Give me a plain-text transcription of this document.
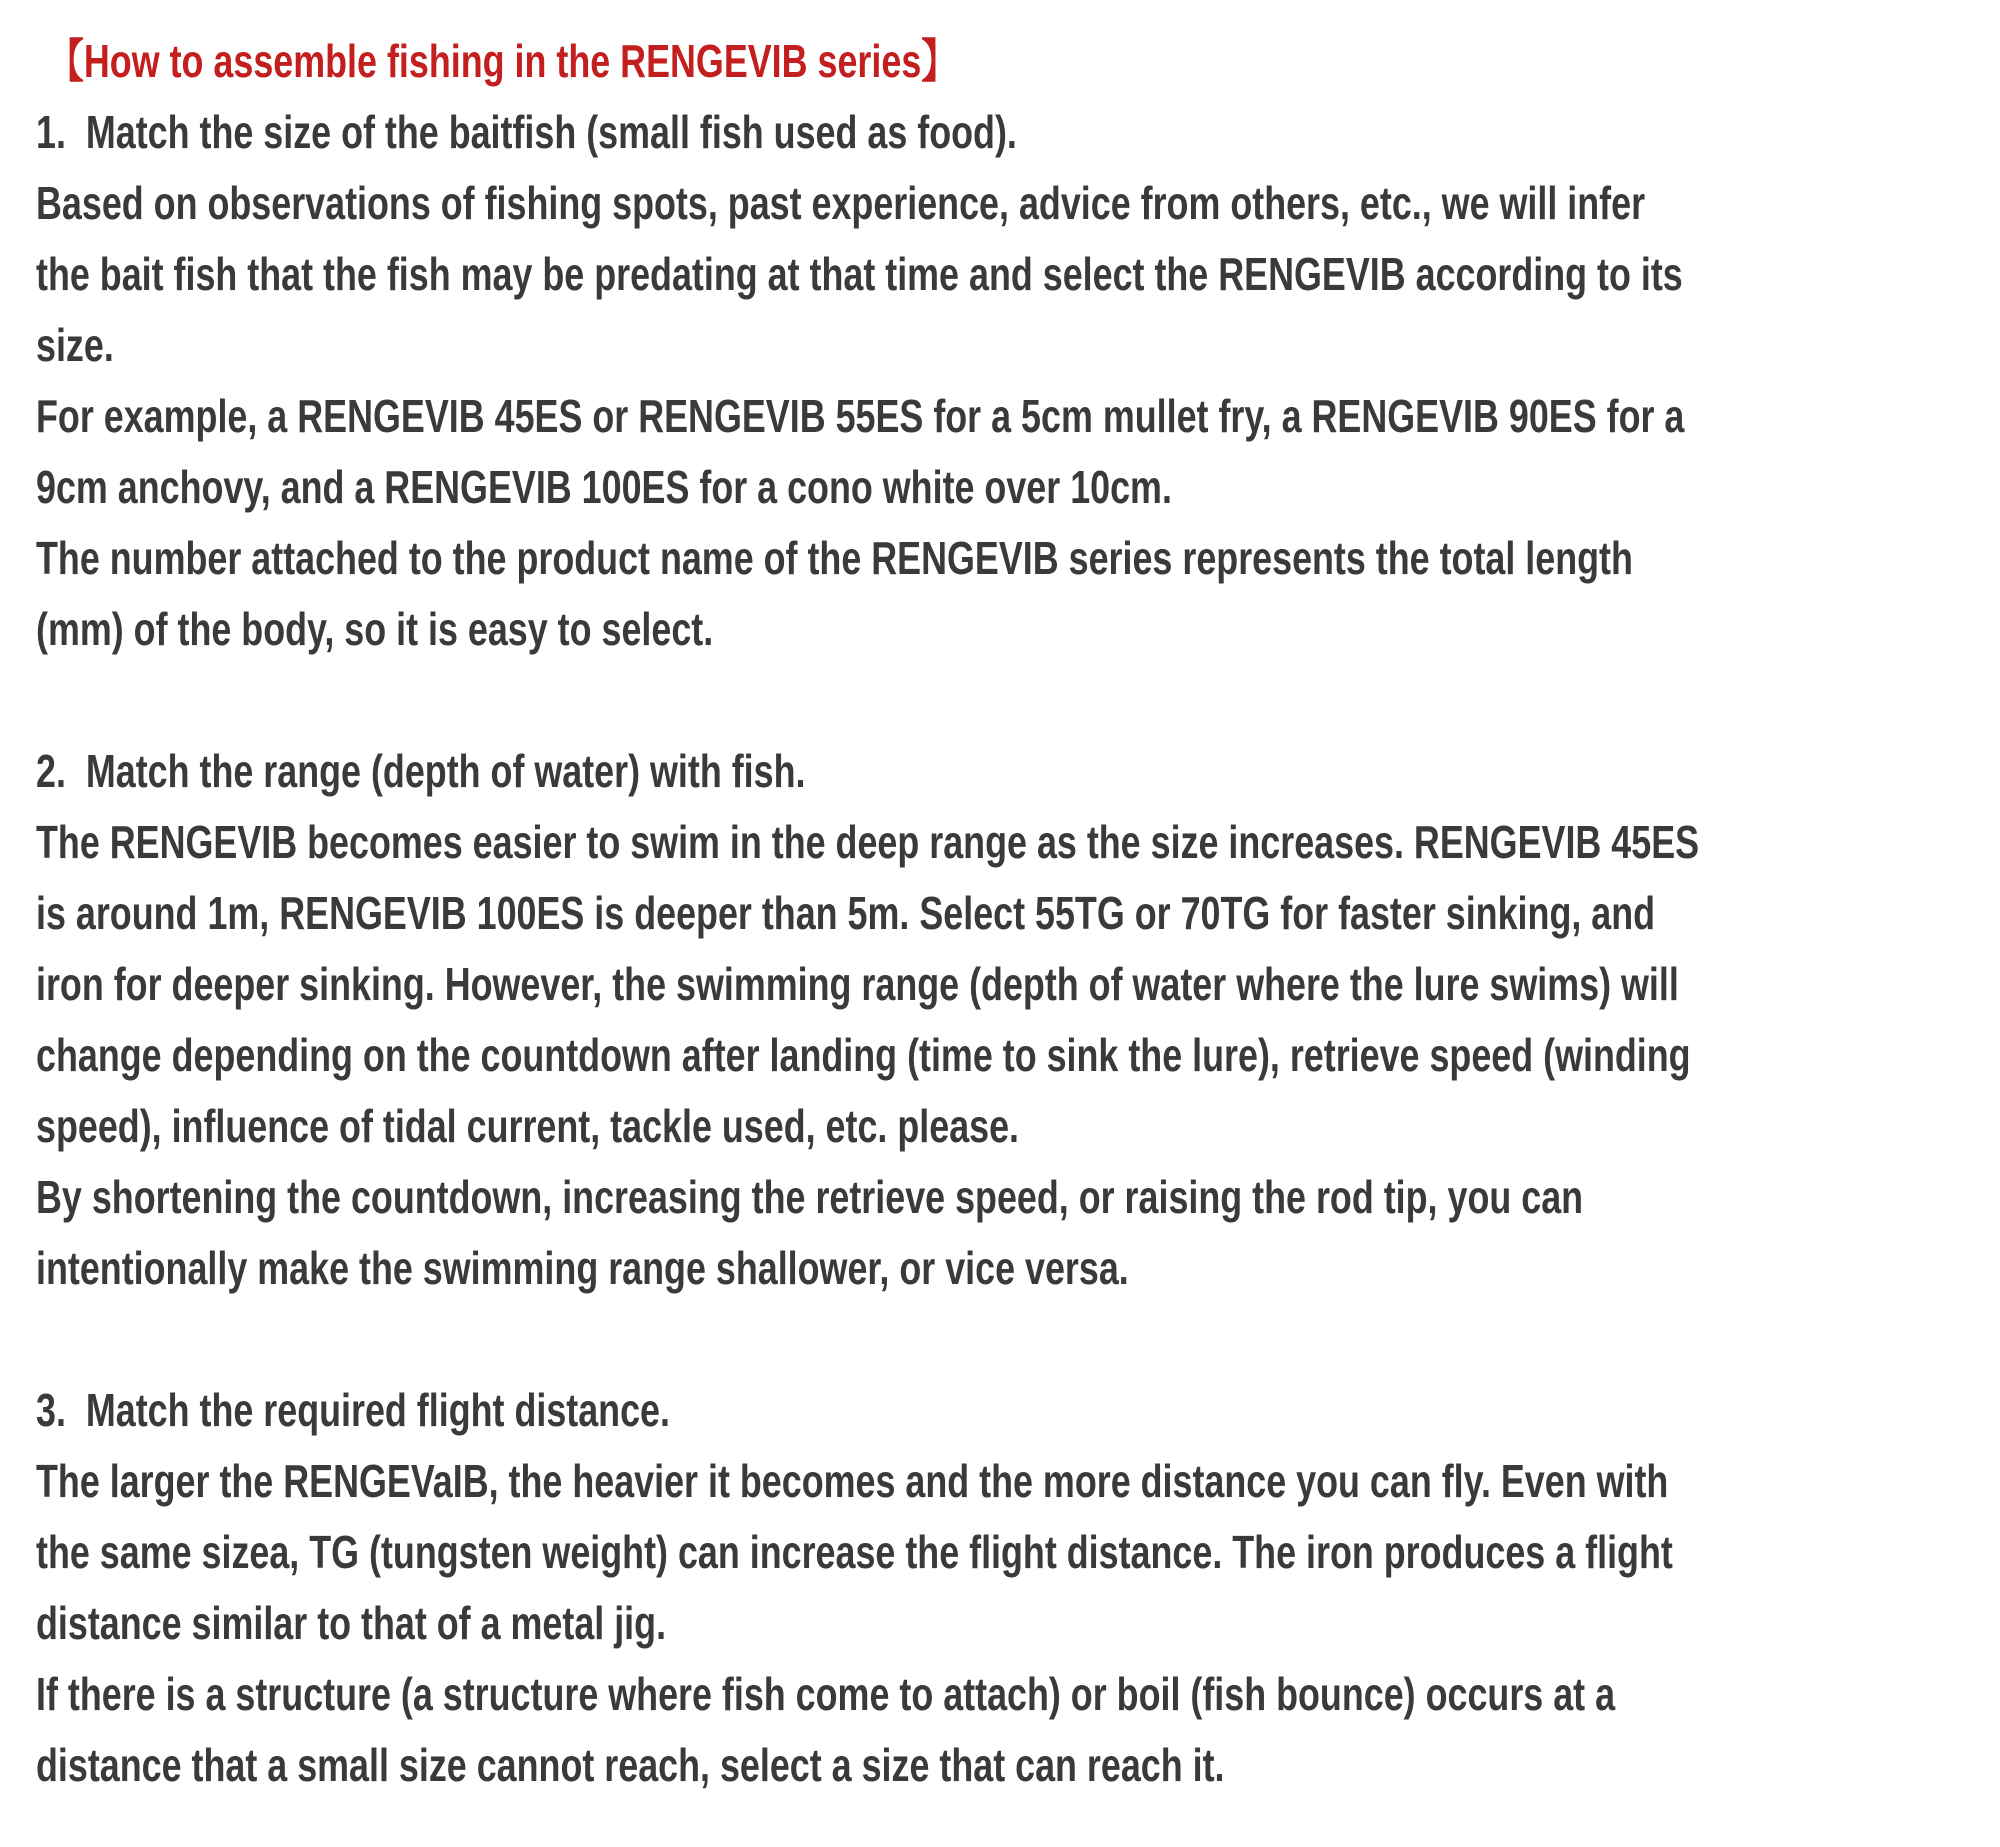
【How to assemble fishing in the RENGEVIB series】
1.  Match the size of the baitfish (small fish used as food).
Based on observations of fishing spots, past experience, advice from others, etc., we will infer
the bait fish that the fish may be predating at that time and select the RENGEVIB according to its
size.
For example, a RENGEVIB 45ES or RENGEVIB 55ES for a 5cm mullet fry, a RENGEVIB 90ES for a
9cm anchovy, and a RENGEVIB 100ES for a cono white over 10cm.
The number attached to the product name of the RENGEVIB series represents the total length
(mm) of the body, so it is easy to select.
2.  Match the range (depth of water) with fish.
The RENGEVIB becomes easier to swim in the deep range as the size increases. RENGEVIB 45ES
is around 1m, RENGEVIB 100ES is deeper than 5m. Select 55TG or 70TG for faster sinking, and
iron for deeper sinking. However, the swimming range (depth of water where the lure swims) will
change depending on the countdown after landing (time to sink the lure), retrieve speed (winding
speed), influence of tidal current, tackle used, etc. please.
By shortening the countdown, increasing the retrieve speed, or raising the rod tip, you can
intentionally make the swimming range shallower, or vice versa.
3.  Match the required flight distance.
The larger the RENGEVaIB, the heavier it becomes and the more distance you can fly. Even with
the same sizea, TG (tungsten weight) can increase the flight distance. The iron produces a flight
distance similar to that of a metal jig.
If there is a structure (a structure where fish come to attach) or boil (fish bounce) occurs at a
distance that a small size cannot reach, select a size that can reach it.
